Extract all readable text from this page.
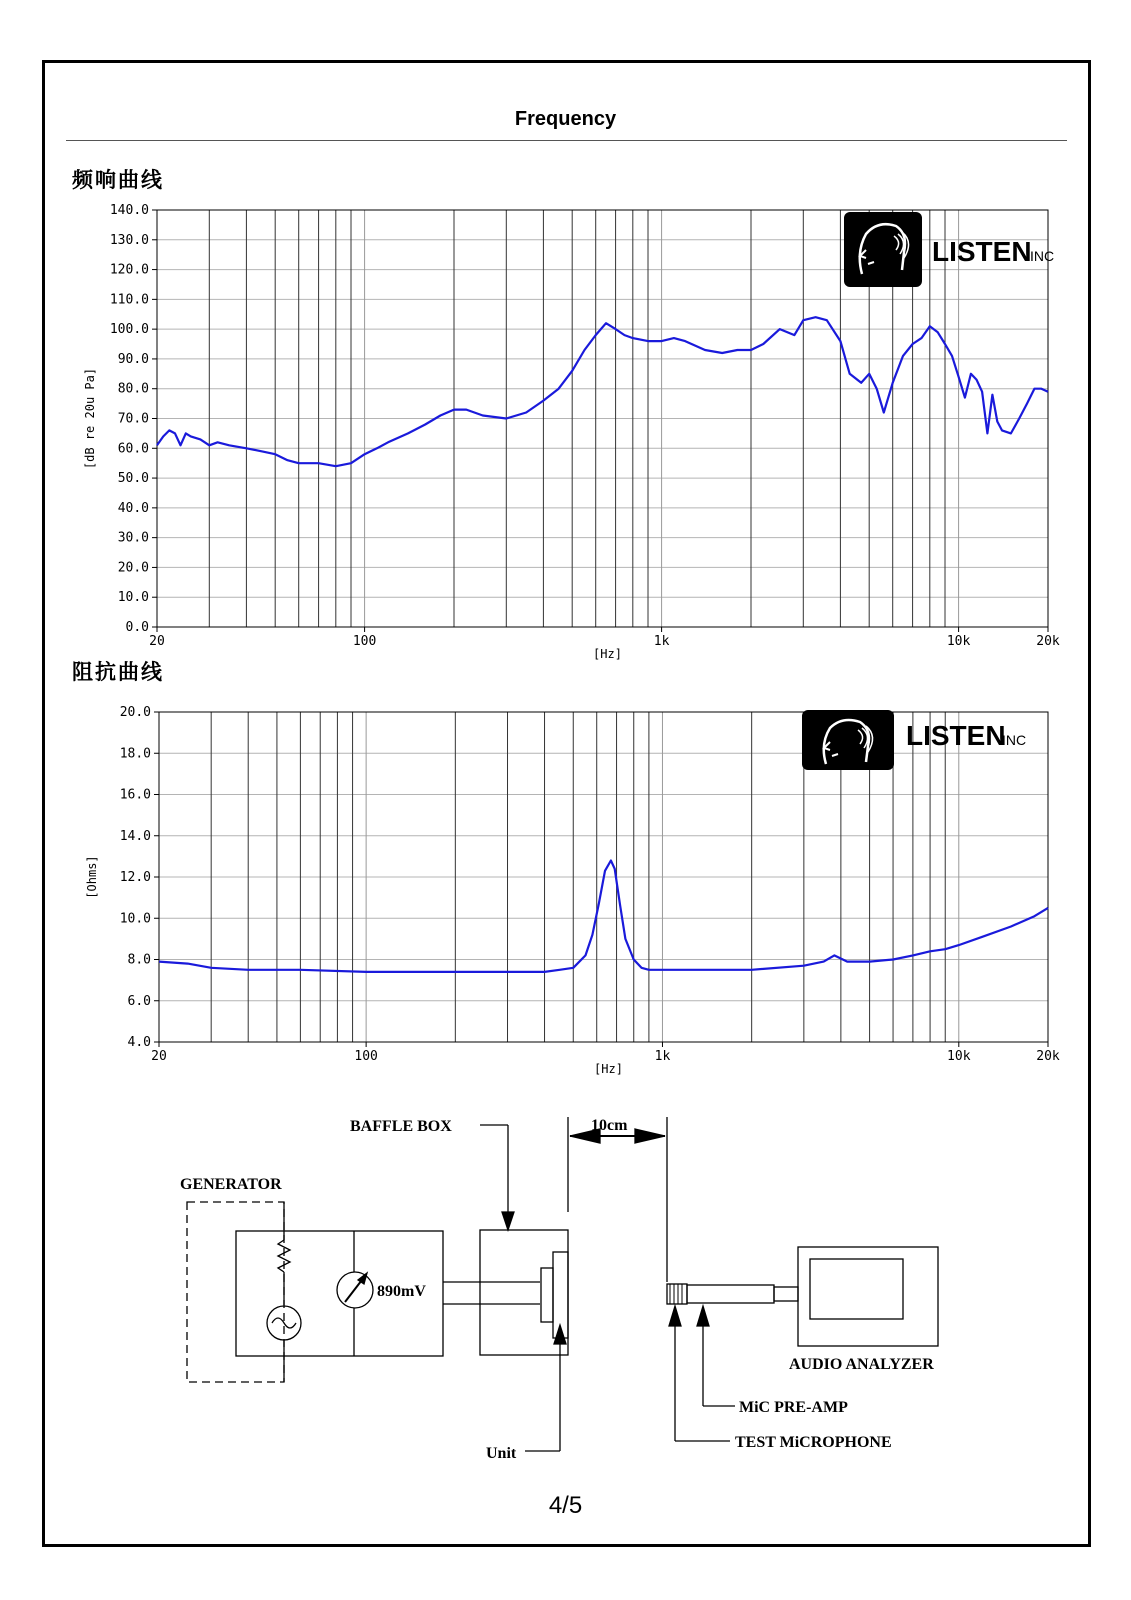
Frequency
频响曲线
阻抗曲线
0.0
10.0
20.0
30.0
40.0
50.0
60.0
70.0
80.0
90.0
100.0
110.0
120.0
130.0
140.0
20	100	1k	10k	20k
[Hz]
[dB re 20u Pa]
4.0
6.0
8.0
10.0
12.0
14.0
16.0
18.0
20.0
20	100	1k	10k	20k
[Hz]
[Ohms]
LISTEN
INC
LISTEN
INC
10cm
BAFFLE BOX
GENERATOR
890mV
Unit
AUDIO ANALYZER
MiC PRE-AMP
TEST MiCROPHONE
4/5
